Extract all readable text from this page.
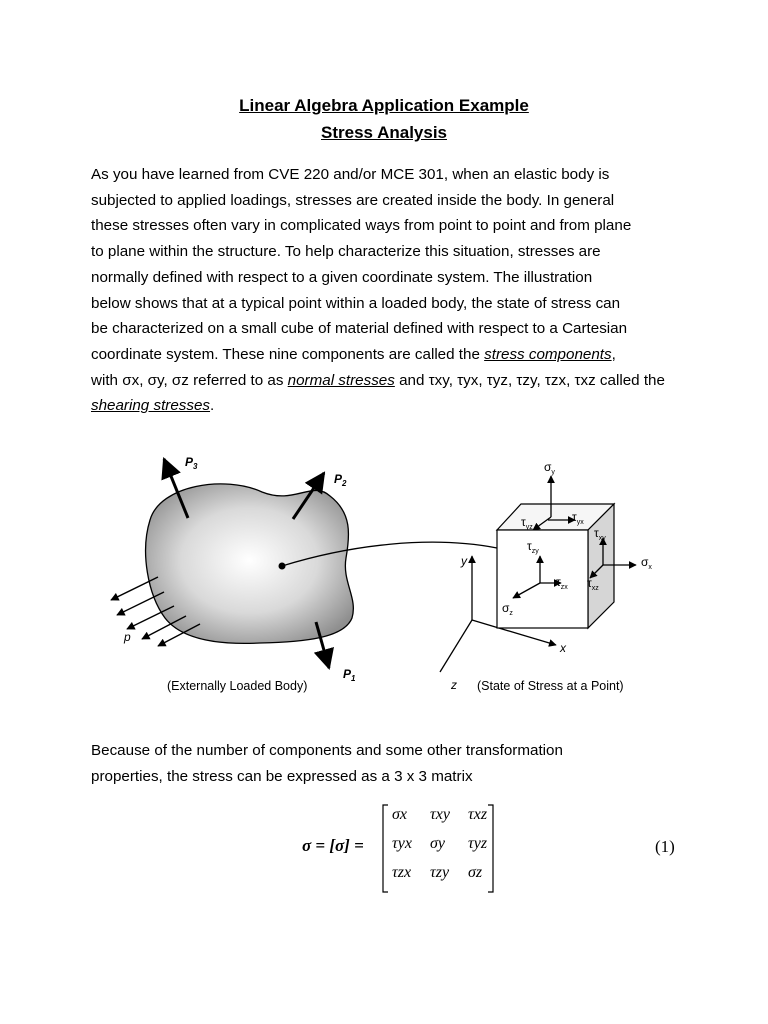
Linear Algebra Application Example
Stress Analysis
As you have learned from CVE 220 and/or MCE 301, when an elastic body is
subjected to applied loadings, stresses are created inside the body. In general
these stresses often vary in complicated ways from point to point and from plane
to plane within the structure. To help characterize this situation, stresses are
normally defined with respect to a given coordinate system. The illustration
below shows that at a typical point within a loaded body, the state of stress can
be characterized on a small cube of material defined with respect to a Cartesian
coordinate system. These nine components are called the stress components,
with σx, σy, σz referred to as normal stresses and τxy, τyx, τyz, τzy, τzx, τxz called the
shearing stresses.
$P_3$
$P_2$
$P_1$
p
y
x
z
$\sigma_y$
$\tau_{yz}$
$\tau_{yx}$
$\tau_{xy}$
$\tau_{zy}$
$\sigma_x$
$\tau_{zx}$ $\tau_{xz}$
$\sigma_z$
(Externally Loaded Body)	(State of Stress at a Point)
Because of the number of components and some other transformation
properties, the stress can be expressed as a 3 x 3 matrix
σ = [σ] =
σx	τxy	τxz
τyx	σy	τyz
τzx	τzy	σz
(1)
